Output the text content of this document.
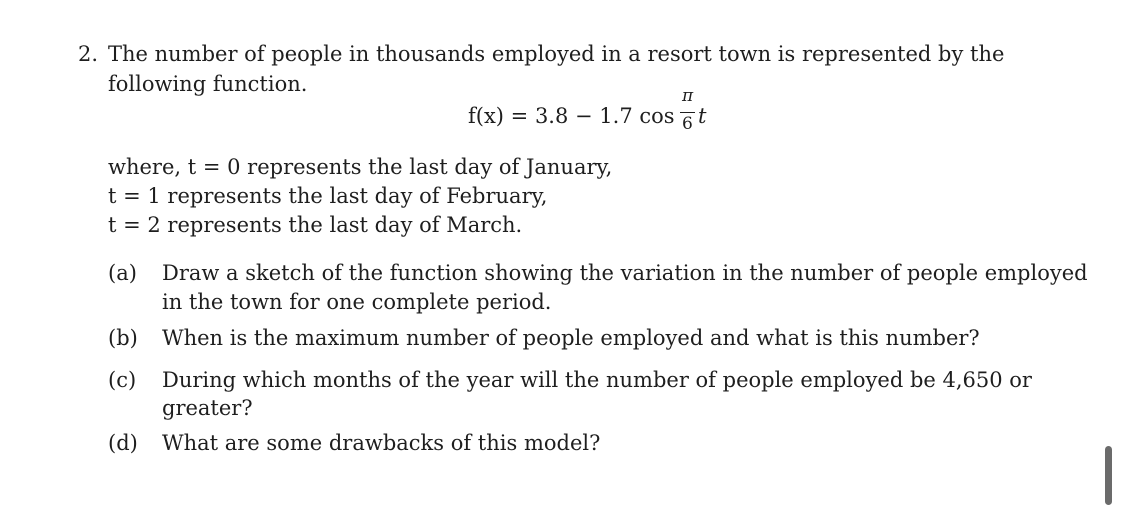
2. The number of people in thousands employed in a resort town is represented by the
following function.
f(x) = 3.8 − 1.7 cos
π
6 t
where, t = 0 represents the last day of January,
t = 1 represents the last day of February,
t = 2 represents the last day of March.
(a) Draw a sketch of the function showing the variation in the number of people employed
in the town for one complete period.
(b) When is the maximum number of people employed and what is this number?
(c) During which months of the year will the number of people employed be 4,650 or
greater?
(d) What are some drawbacks of this model?
